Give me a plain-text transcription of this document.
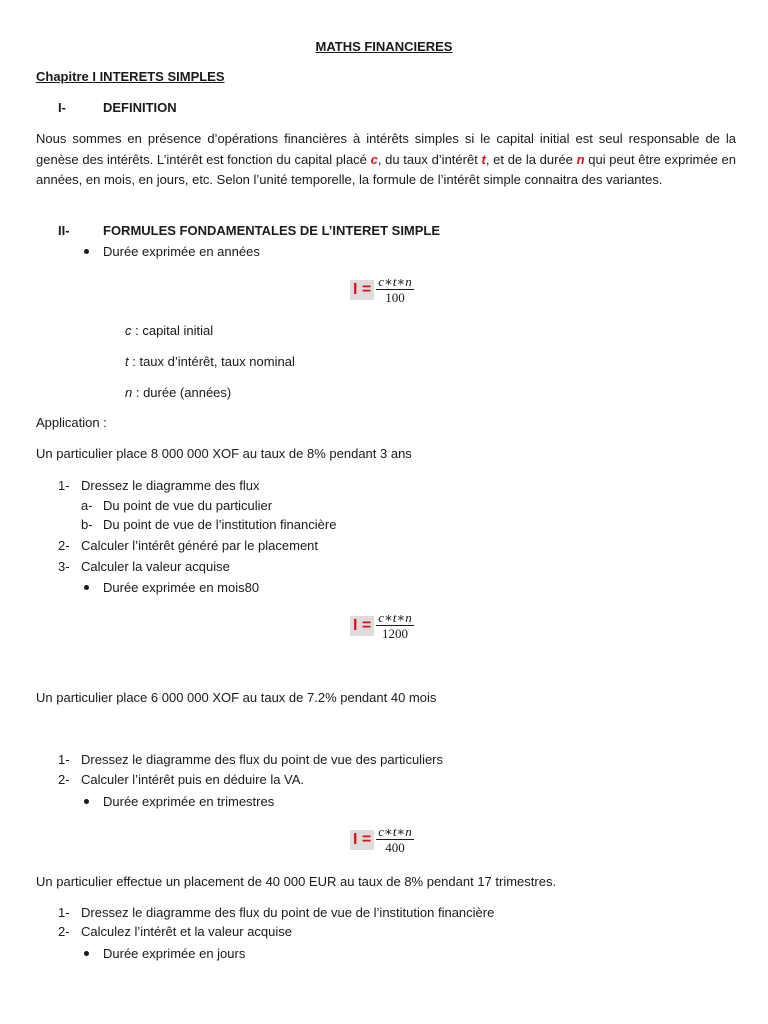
MATHS FINANCIERES
Chapitre I INTERETS SIMPLES
I-	DEFINITION
Nous sommes en présence d’opérations financières à intérêts simples si le capital initial est seul responsable de la genèse des intérêts. L’intérêt est fonction du capital placé c, du taux d’intérêt t, et de la durée n qui peut être exprimée en années, en mois, en jours, etc. Selon l’unité temporelle, la formule de l’intérêt simple connaitra des variantes.
II-	FORMULES FONDAMENTALES DE L’INTERET SIMPLE
Durée exprimée en années
$I = \frac{c∗t∗n}{100}$
c : capital initial
t : taux d’intérêt, taux nominal
n : durée (années)
Application :
Un particulier place 8 000 000 XOF au taux de 8% pendant 3 ans
1- Dressez le diagramme des flux
a- Du point de vue du particulier
b- Du point de vue de l’institution financière
2- Calculer l’intérêt généré par le placement
3- Calculer la valeur acquise
Durée exprimée en mois80
$I = \frac{c∗t∗n}{1200}$
Un particulier place 6 000 000 XOF au taux de 7.2% pendant 40 mois
1- Dressez le diagramme des flux du point de vue des particuliers
2- Calculer l’intérêt puis en déduire la VA.
Durée exprimée en trimestres
$I = \frac{c∗t∗n}{400}$
Un particulier effectue un placement de 40 000 EUR au taux de 8% pendant 17 trimestres.
1- Dressez le diagramme des flux du point de vue de l’institution financière
2- Calculez l’intérêt et la valeur acquise
Durée exprimée en jours
